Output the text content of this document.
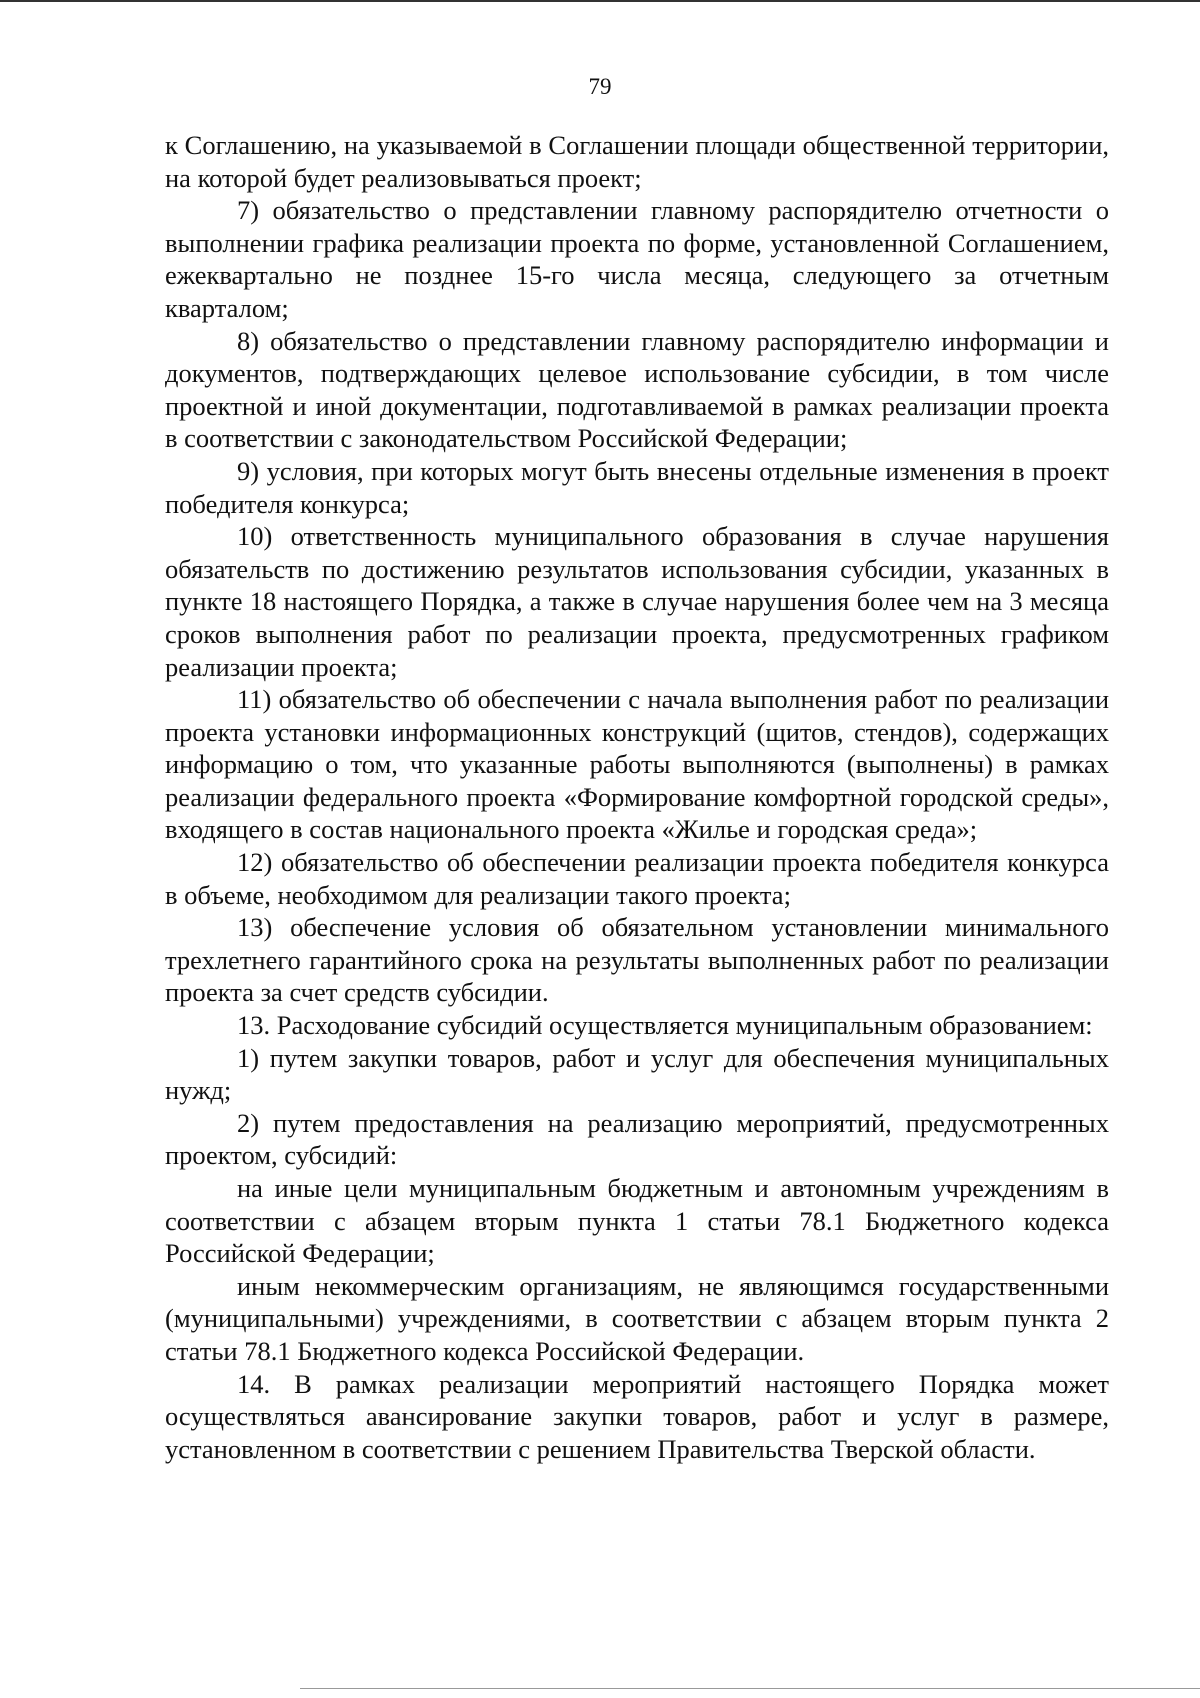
79

к Соглашению, на указываемой в Соглашении площади общественной территории, на которой будет реализовываться проект;

7) обязательство о представлении главному распорядителю отчетности о выполнении графика реализации проекта по форме, установленной Соглашением, ежеквартально не позднее 15-го числа месяца, следующего за отчетным кварталом;

8) обязательство о представлении главному распорядителю информации и документов, подтверждающих целевое использование субсидии, в том числе проектной и иной документации, подготавливаемой в рамках реализации проекта в соответствии с законодательством Российской Федерации;

9) условия, при которых могут быть внесены отдельные изменения в проект победителя конкурса;

10) ответственность муниципального образования в случае нарушения обязательств по достижению результатов использования субсидии, указанных в пункте 18 настоящего Порядка, а также в случае нарушения более чем на 3 месяца сроков выполнения работ по реализации проекта, предусмотренных графиком реализации проекта;

11) обязательство об обеспечении с начала выполнения работ по реализации проекта установки информационных конструкций (щитов, стендов), содержащих информацию о том, что указанные работы выполняются (выполнены) в рамках реализации федерального проекта «Формирование комфортной городской среды», входящего в состав национального проекта «Жилье и городская среда»;

12) обязательство об обеспечении реализации проекта победителя конкурса в объеме, необходимом для реализации такого проекта;

13) обеспечение условия об обязательном установлении минимального трехлетнего гарантийного срока на результаты выполненных работ по реализации проекта за счет средств субсидии.

13. Расходование субсидий осуществляется муниципальным образованием:

1) путем закупки товаров, работ и услуг для обеспечения муниципальных нужд;

2) путем предоставления на реализацию мероприятий, предусмотренных проектом, субсидий:

на иные цели муниципальным бюджетным и автономным учреждениям в соответствии с абзацем вторым пункта 1 статьи 78.1 Бюджетного кодекса Российской Федерации;

иным некоммерческим организациям, не являющимся государственными (муниципальными) учреждениями, в соответствии с абзацем вторым пункта 2 статьи 78.1 Бюджетного кодекса Российской Федерации.

14. В рамках реализации мероприятий настоящего Порядка может осуществляться авансирование закупки товаров, работ и услуг в размере, установленном в соответствии с решением Правительства Тверской области.
